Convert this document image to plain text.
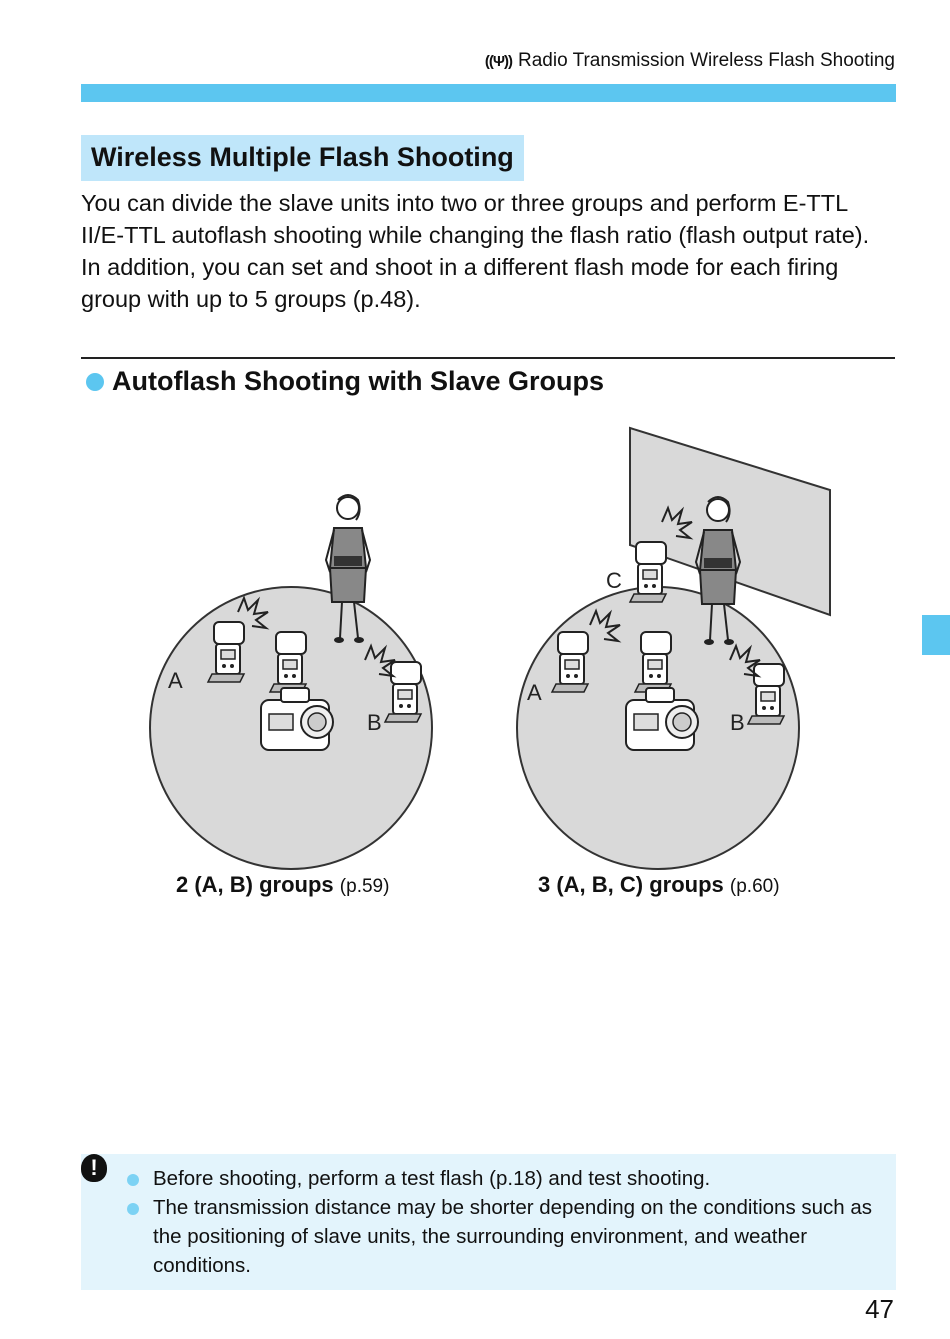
((Ψ)) Radio Transmission Wireless Flash Shooting
Wireless Multiple Flash Shooting

You can divide the slave units into two or three groups and perform E-TTL II/E-TTL autoflash shooting while changing the flash ratio (flash output rate).

In addition, you can set and shoot in a different flash mode for each firing group with up to 5 groups (p.48).

Autoflash Shooting with Slave Groups
A
B
A
B
C
2 (A, B) groups (p.59)	3 (A, B, C) groups (p.60)
!	Before shooting, perform a test flash (p.18) and test shooting.
The transmission distance may be shorter depending on the conditions such as the positioning of slave units, the surrounding environment, and weather conditions.
47
